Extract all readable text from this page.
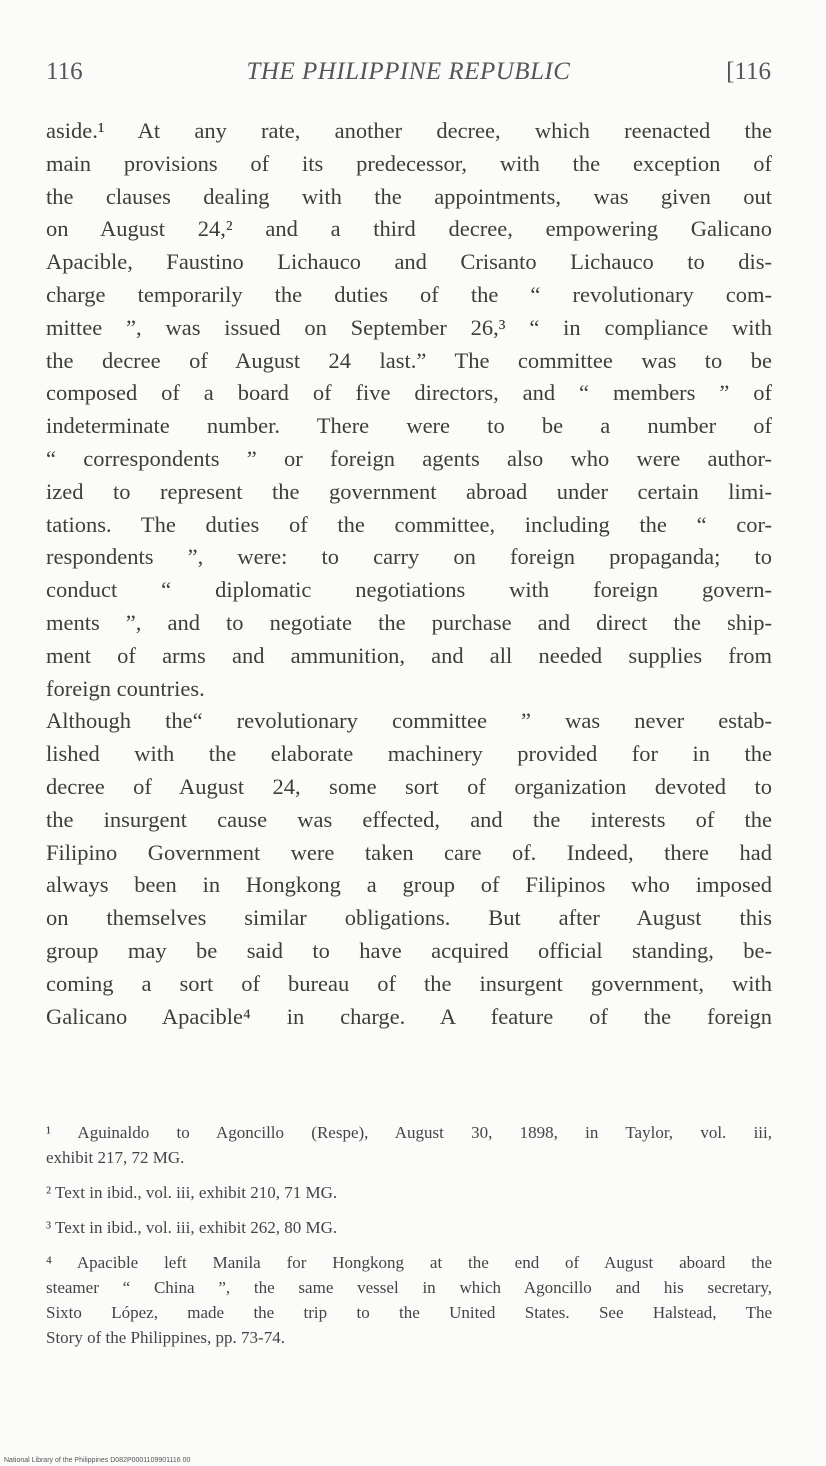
116	THE PHILIPPINE REPUBLIC	[116
aside.¹ At any rate, another decree, which reenacted the
main provisions of its predecessor, with the exception of
the clauses dealing with the appointments, was given out
on August 24,² and a third decree, empowering Galicano
Apacible, Faustino Lichauco and Crisanto Lichauco to dis-
charge temporarily the duties of the “ revolutionary com-
mittee ”, was issued on September 26,³ “ in compliance with
the decree of August 24 last.” The committee was to be
composed of a board of five directors, and “ members ” of
indeterminate number. There were to be a number of
“ correspondents ” or foreign agents also who were author-
ized to represent the government abroad under certain limi-
tations. The duties of the committee, including the “ cor-
respondents ”, were: to carry on foreign propaganda; to
conduct “ diplomatic negotiations with foreign govern-
ments ”, and to negotiate the purchase and direct the ship-
ment of arms and ammunition, and all needed supplies from
foreign countries.
Although the“ revolutionary committee ” was never estab-
lished with the elaborate machinery provided for in the
decree of August 24, some sort of organization devoted to
the insurgent cause was effected, and the interests of the
Filipino Government were taken care of. Indeed, there had
always been in Hongkong a group of Filipinos who imposed
on themselves similar obligations. But after August this
group may be said to have acquired official standing, be-
coming a sort of bureau of the insurgent government, with
Galicano Apacible⁴ in charge. A feature of the foreign
¹ Aguinaldo to Agoncillo (Respe), August 30, 1898, in Taylor, vol. iii,
exhibit 217, 72 MG.
² Text in ibid., vol. iii, exhibit 210, 71 MG.
³ Text in ibid., vol. iii, exhibit 262, 80 MG.
⁴ Apacible left Manila for Hongkong at the end of August aboard the
steamer “ China ”, the same vessel in which Agoncillo and his secretary,
Sixto López, made the trip to the United States. See Halstead, The
Story of the Philippines, pp. 73-74.
National Library of the Philippines D082P0001109901116 00
